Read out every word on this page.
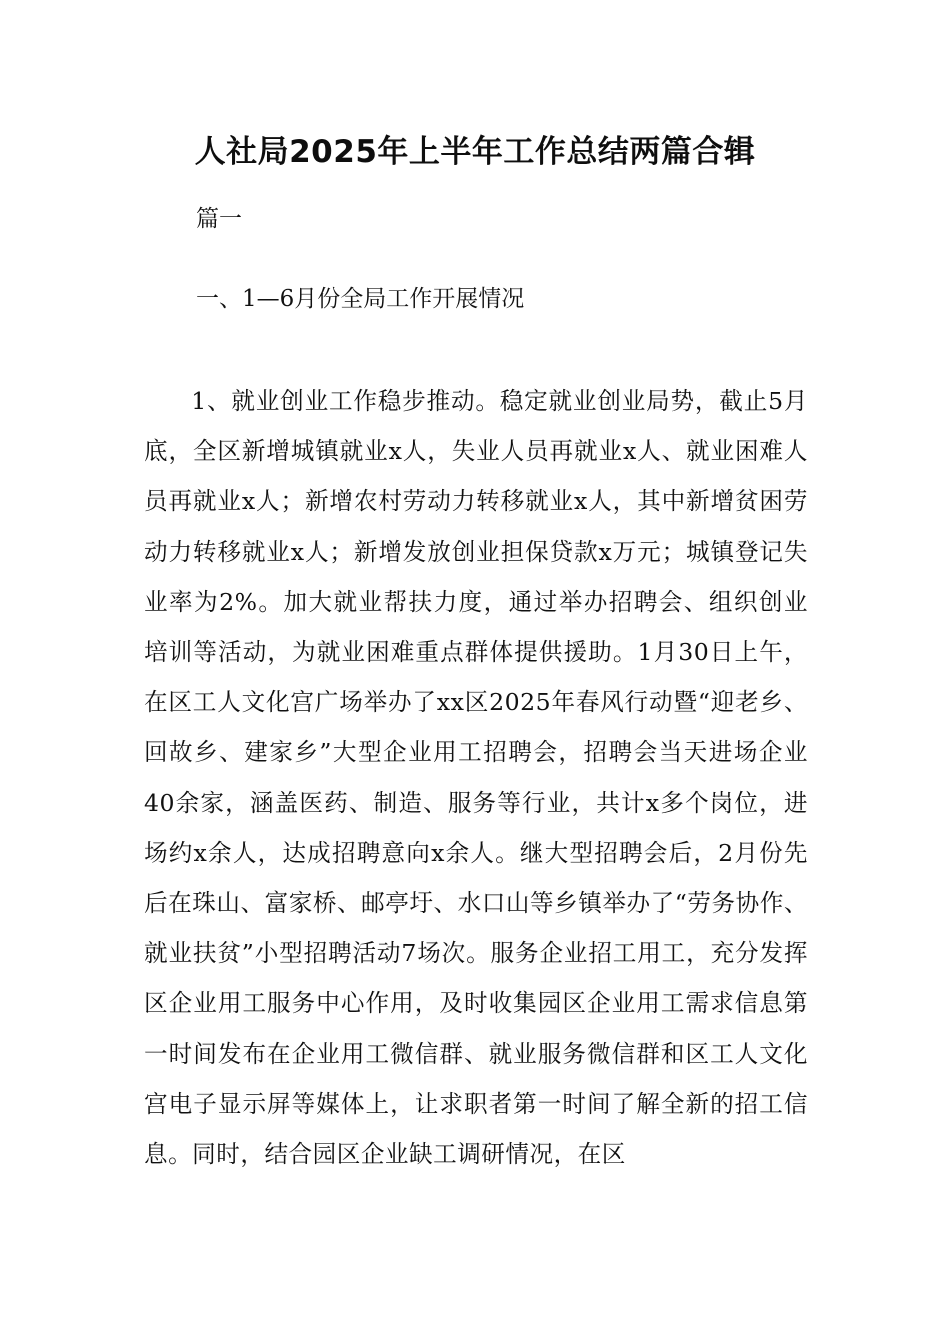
人社局2025年上半年工作总结两篇合辑

篇一

一、1—6月份全局工作开展情况

1、就业创业工作稳步推动。稳定就业创业局势，截止5月底，全区新增城镇就业x人，失业人员再就业x人、就业困难人员再就业x人；新增农村劳动力转移就业x人，其中新增贫困劳动力转移就业x人；新增发放创业担保贷款x万元；城镇登记失业率为2%。加大就业帮扶力度，通过举办招聘会、组织创业培训等活动，为就业困难重点群体提供援助。1月30日上午，在区工人文化宫广场举办了xx区2025年春风行动暨“迎老乡、回故乡、建家乡”大型企业用工招聘会，招聘会当天进场企业40余家，涵盖医药、制造、服务等行业，共计x多个岗位，进场约x余人，达成招聘意向x余人。继大型招聘会后，2月份先后在珠山、富家桥、邮亭圩、水口山等乡镇举办了“劳务协作、就业扶贫”小型招聘活动7场次。服务企业招工用工，充分发挥区企业用工服务中心作用，及时收集园区企业用工需求信息第一时间发布在企业用工微信群、就业服务微信群和区工人文化宫电子显示屏等媒体上，让求职者第一时间了解全新的招工信息。同时，结合园区企业缺工调研情况，在区
